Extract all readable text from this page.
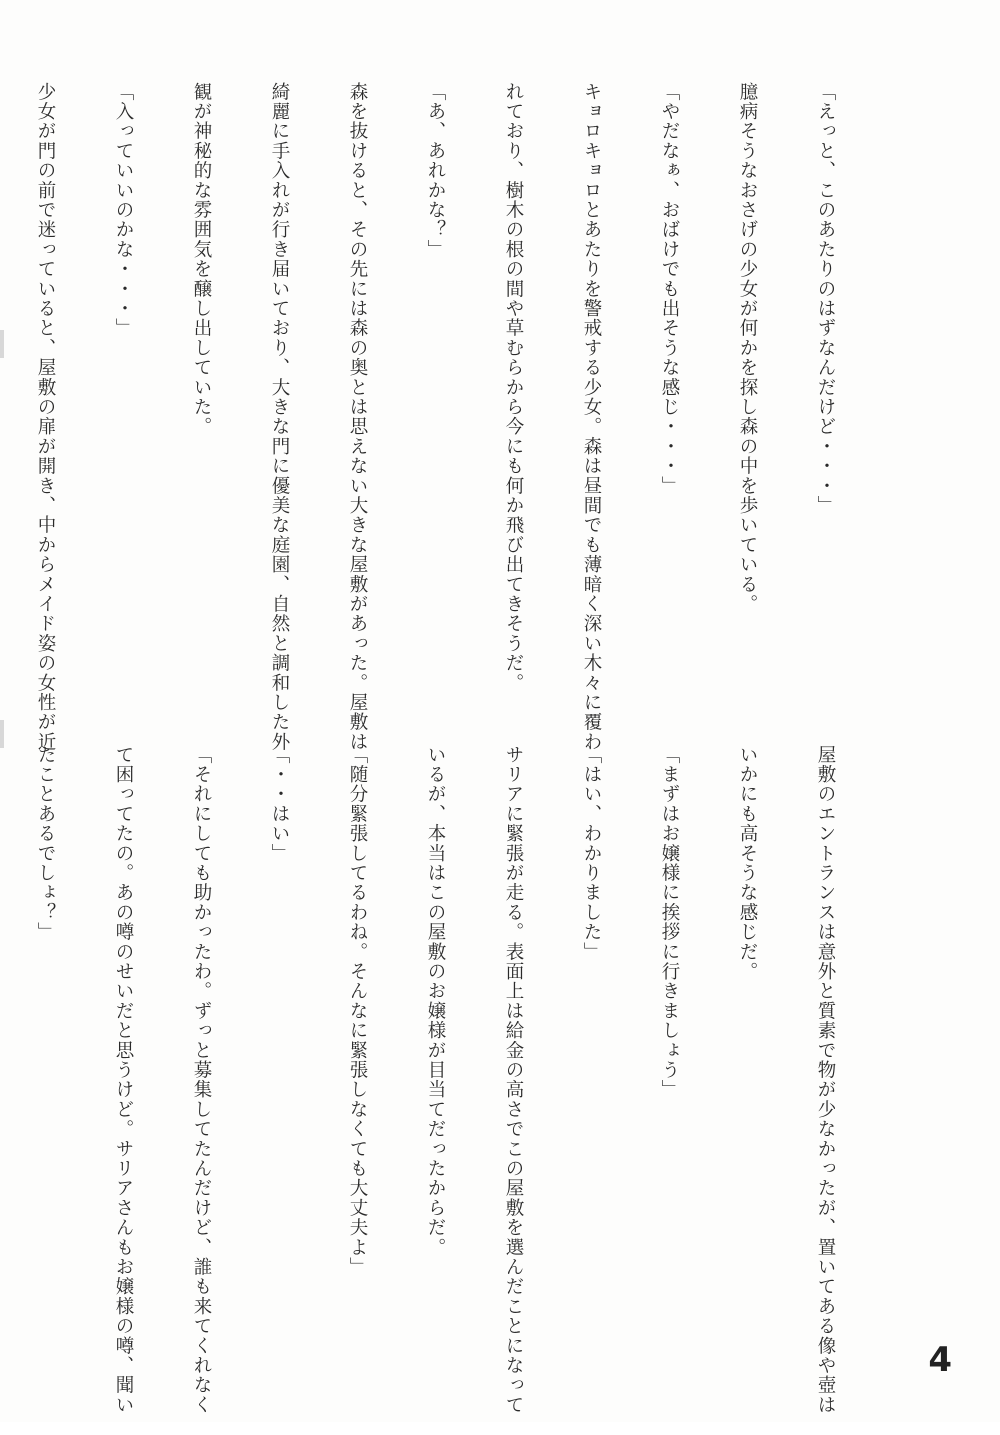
「えっと、このあたりのはずなんだけど・・・」

臆病そうなおさげの少女が何かを探し森の中を歩いている。

「やだなぁ、おばけでも出そうな感じ・・・」

キョロキョロとあたりを警戒する少女。森は昼間でも薄暗く深い木々に覆わ

れており、樹木の根の間や草むらから今にも何か飛び出てきそうだ。

「あ、あれかな？」

森を抜けると、その先には森の奥とは思えない大きな屋敷があった。屋敷は

綺麗に手入れが行き届いており、大きな門に優美な庭園、自然と調和した外

観が神秘的な雰囲気を醸し出していた。

「入っていいのかな・・・」

少女が門の前で迷っていると、屋敷の扉が開き、中からメイド姿の女性が近

屋敷のエントランスは意外と質素で物が少なかったが、置いてある像や壺は

いかにも高そうな感じだ。

「まずはお嬢様に挨拶に行きましょう」

「はい、わかりました」

サリアに緊張が走る。表面上は給金の高さでこの屋敷を選んだことになって

いるが、本当はこの屋敷のお嬢様が目当てだったからだ。

「随分緊張してるわね。そんなに緊張しなくても大丈夫よ」

「・・はい」

「それにしても助かったわ。ずっと募集してたんだけど、誰も来てくれなく

て困ってたの。あの噂のせいだと思うけど。サリアさんもお嬢様の噂、聞い

たことあるでしょ？」

4
